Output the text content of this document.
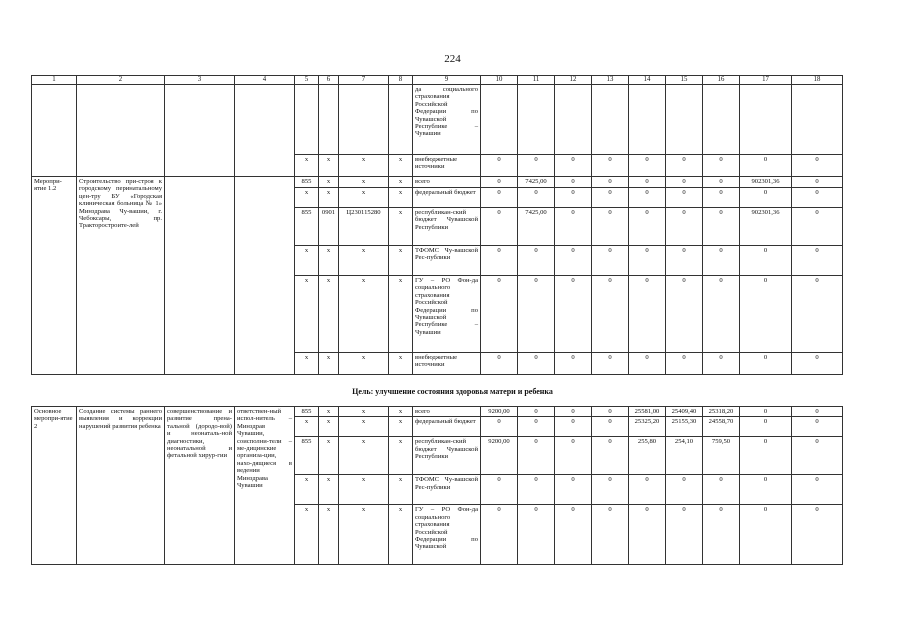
224
1	2	3	4	5	6	7	8	9	10	11	12	13	14	15	16	17	18
								да социального страхования Российской Федерации по Чувашской Республике – Чувашии									
				x	x	x	x	внебюджетные источники	0	0	0	0	0	0	0	0	0
Меропри-ятие 1.2	Строительство при-строя к городскому перинатальному цен-тру БУ «Городская клиническая больница № 1» Минздрава Чу-вашии, г. Чебоксары, пр. Тракторостроите-лей			855	x	x	x	всего	0	7425,00	0	0	0	0	0	902301,36	0
				x	x	x	x	федеральный бюджет	0	0	0	0	0	0	0	0	0
				855	0901	Ц230115280	x	республикан-ский бюджет Чувашской Республики	0	7425,00	0	0	0	0	0	902301,36	0
				x	x	x	x	ТФОМС Чу-вашской Рес-публики	0	0	0	0	0	0	0	0	0
				x	x	x	x	ГУ – РО Фон-да социального страхования Российской Федерации по Чувашской Республике – Чувашии	0	0	0	0	0	0	0	0	0
				x	x	x	x	внебюджетные источники	0	0	0	0	0	0	0	0	0
Цель: улучшение состояния здоровья матери и ребенка
Основное меропри-ятие 2	Создание системы раннего выявления и коррекции нарушений развития ребенка	совершенствование и развитие прена-тальной (дородо-вой) и неонаталь-ной диагностики, неонатальной и фетальной хирур-гии	ответствен-ный испол-нитель – Минздрав Чувашии, соисполни-тели – ме-дицинские организа-ции, нахо-дящиеся в ведении Минздрава Чувашии	855	x	x	x	всего	9200,00	0	0	0	25581,00	25409,40	25318,20	0	0
				x	x	x	x	федеральный бюджет	0	0	0	0	25325,20	25155,30	24558,70	0	0
				855	x	x	x	республикан-ский бюджет Чувашской Республики	9200,00	0	0	0	255,80	254,10	759,50	0	0
				x	x	x	x	ТФОМС Чу-вашской Рес-публики	0	0	0	0	0	0	0	0	0
				x	x	x	x	ГУ – РО Фон-да социального страхования Российской Федерации по Чувашской	0	0	0	0	0	0	0	0	0
